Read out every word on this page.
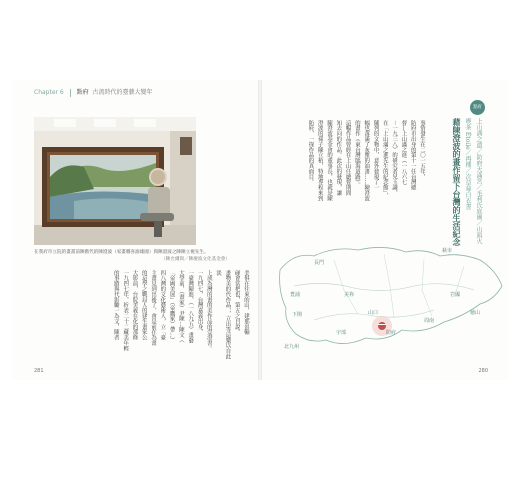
Chapter 6 點府 古流時代的臺藝大變年
在我府市立院的畫畫前陳舊代的陳澄波（家畫嘟喜渝雄國）與陳澄波之陳陳立視先生。
（陳允爾與／陳慶波文化基金會）
美俱在往來的山，建那景輸
碰會當把也，第五之目說。
畫物美的代作品，，立出等這樂以自此淡
上成為灣的畫的美作品的壹澄書。
一九四七，台灣嘉義出身，
一臺灣陳進，（一八九五）畫藝
大學前，（畫家）尹陳…陳文（
「帝國美展」（帝鷹家）帶…）
四八灣的文化藝術人，立「臺
主畫見到出後了，會是前在為畫
的這學之戰局人的建生畫家公
大影前，台院美義在化的那條
一九四七年，折表二十二藏美年輕
的事蹟與代影勵一為文，陳者
281
點府
上山溝之遺／防府天滿宮／毛利氏庭園／山頭火
喫茶 Étoile／再種／次草莓白衣書
藉陳澄波的畫作留下台灣的生活紀念
事情發生在二〇一五年，
防府市出身的第十一任台灣總
督―上山滿之進（一八六七
－一九三八）的研究者兒玉識，
在「上山滿之進先生的紀念館」，
陳列的文物中，意外發現了一
幅也落滿了灰塵的油畫……陳澄波
的畫作《東台灣臨海道路》。
這幅作品曾經在上山任總督期間
知去向的作品。此次的發現，讓
陳澄波基金會的董事長，也就是陳
澄波的孫子陳立栢，特地專程來到
防府，一探作品的真面目。
萩市
長門
岩國
周南
宇部
山口
防府
美祢
下関
豊浦
北九州
徳山
280
